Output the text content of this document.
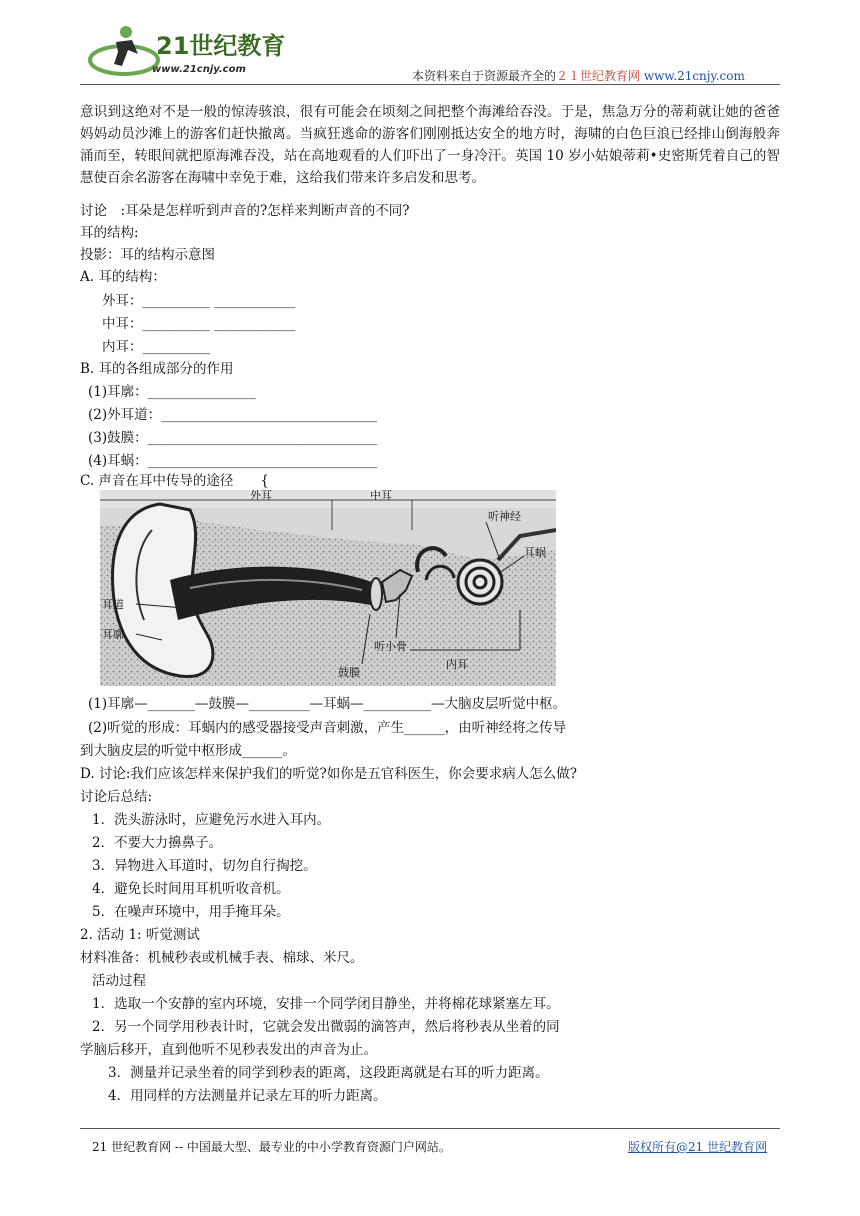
21世纪教育
www.21cnjy.com	本资料来自于资源最齐全的２１世纪教育网 www.21cnjy.com
意识到这绝对不是一般的惊涛骇浪，很有可能会在顷刻之间把整个海滩给吞没。于是，焦急万分的蒂莉就让她的爸爸妈妈动员沙滩上的游客们赶快撤离。当疯狂逃命的游客们刚刚抵达安全的地方时，海啸的白色巨浪已经排山倒海般奔涌而至，转眼间就把原海滩吞没，站在高地观看的人们吓出了一身冷汗。英国 10 岁小姑娘蒂莉•史密斯凭着自己的智慧使百余名游客在海啸中幸免于难，这给我们带来许多启发和思考。
讨论　:耳朵是怎样听到声音的?怎样来判断声音的不同?
耳的结构:
投影：耳的结构示意图
A. 耳的结构：
外耳：__________ ____________
中耳：__________ ____________
内耳：__________
B. 耳的各组成部分的作用
(1)耳廓：________________
(2)外耳道：________________________________
(3)鼓膜：__________________________________
(4)耳蜗：__________________________________
C. 声音在耳中传导的途径　　{
外耳	中耳
听神经
耳蜗
耳道
耳廓
听小骨
鼓膜
内耳
(1)耳廓—_______—鼓膜—_________—耳蜗—__________—大脑皮层听觉中枢。
(2)听觉的形成：耳蜗内的感受器接受声音刺激，产生______，由听神经将之传导
到大脑皮层的听觉中枢形成______。
D. 讨论:我们应该怎样来保护我们的听觉?如你是五官科医生，你会要求病人怎么做?
讨论后总结:
1．洗头游泳时，应避免污水进入耳内。
2．不要大力擤鼻子。
3．异物进入耳道时，切勿自行掏挖。
4．避免长时间用耳机听收音机。
5．在噪声环境中，用手掩耳朵。
2. 活动 1: 听觉测试
材料准备：机械秒表或机械手表、棉球、米尺。
活动过程
1．选取一个安静的室内环境，安排一个同学闭目静坐，并将棉花球紧塞左耳。
2．另一个同学用秒表计时，它就会发出微弱的滴答声，然后将秒表从坐着的同
学脑后移开，直到他听不见秒表发出的声音为止。
3．测量并记录坐着的同学到秒表的距离，这段距离就是右耳的听力距离。
4．用同样的方法测量并记录左耳的听力距离。
21 世纪教育网 -- 中国最大型、最专业的中小学教育资源门户网站。	版权所有@21 世纪教育网
